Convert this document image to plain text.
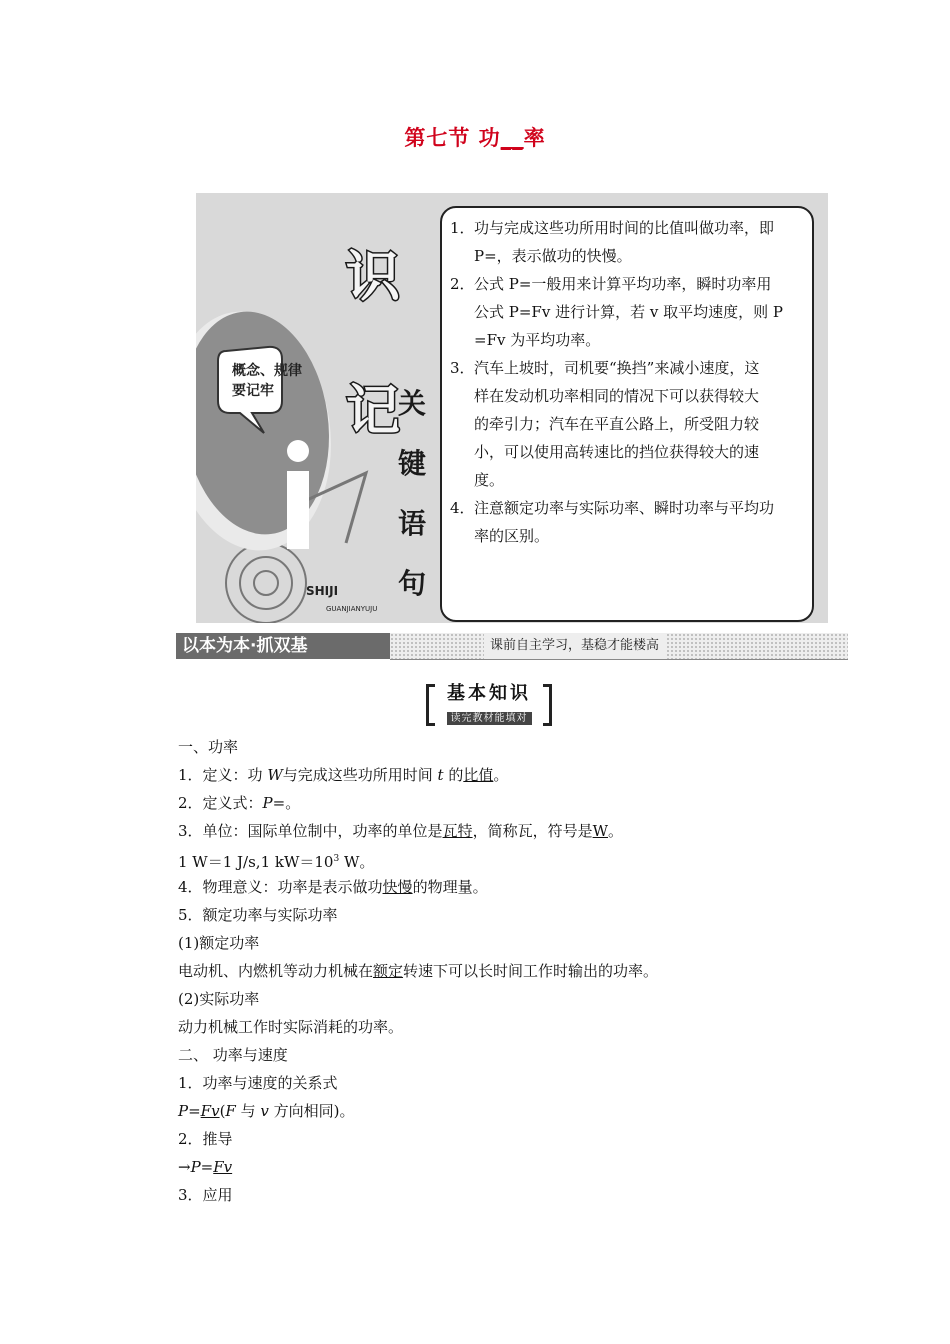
第七节 功__率
概念、规律
要记牢
识
记
关
键
语
句
SHIJI
GUANJIANYUJU
1． 功与完成这些功所用时间的比值叫做功率，即
P=，表示做功的快慢。
2． 公式 P=一般用来计算平均功率，瞬时功率用
公式 P=Fv 进行计算，若 v 取平均速度，则 P
=Fv 为平均功率。
3． 汽车上坡时，司机要“换挡”来减小速度，这
样在发动机功率相同的情况下可以获得较大
的牵引力；汽车在平直公路上，所受阻力较
小，可以使用高转速比的挡位获得较大的速
度。
4． 注意额定功率与实际功率、瞬时功率与平均功
率的区别。
以本为本·抓双基	课前自主学习，基稳才能楼高
基本知识
读完教材能填对
一、功率
1．定义：功 W与完成这些功所用时间 t 的比值。
2．定义式：P=。
3．单位：国际单位制中，功率的单位是瓦特，简称瓦，符号是W。
1 W＝1 J/s,1 $kW=10^3$ W。
4．物理意义：功率是表示做功快慢的物理量。
5．额定功率与实际功率
(1)额定功率
电动机、内燃机等动力机械在额定转速下可以长时间工作时输出的功率。
(2)实际功率
动力机械工作时实际消耗的功率。
二、 功率与速度
1．功率与速度的关系式
P=Fv(F 与 v 方向相同)。
2．推导
→P=Fv
3．应用
